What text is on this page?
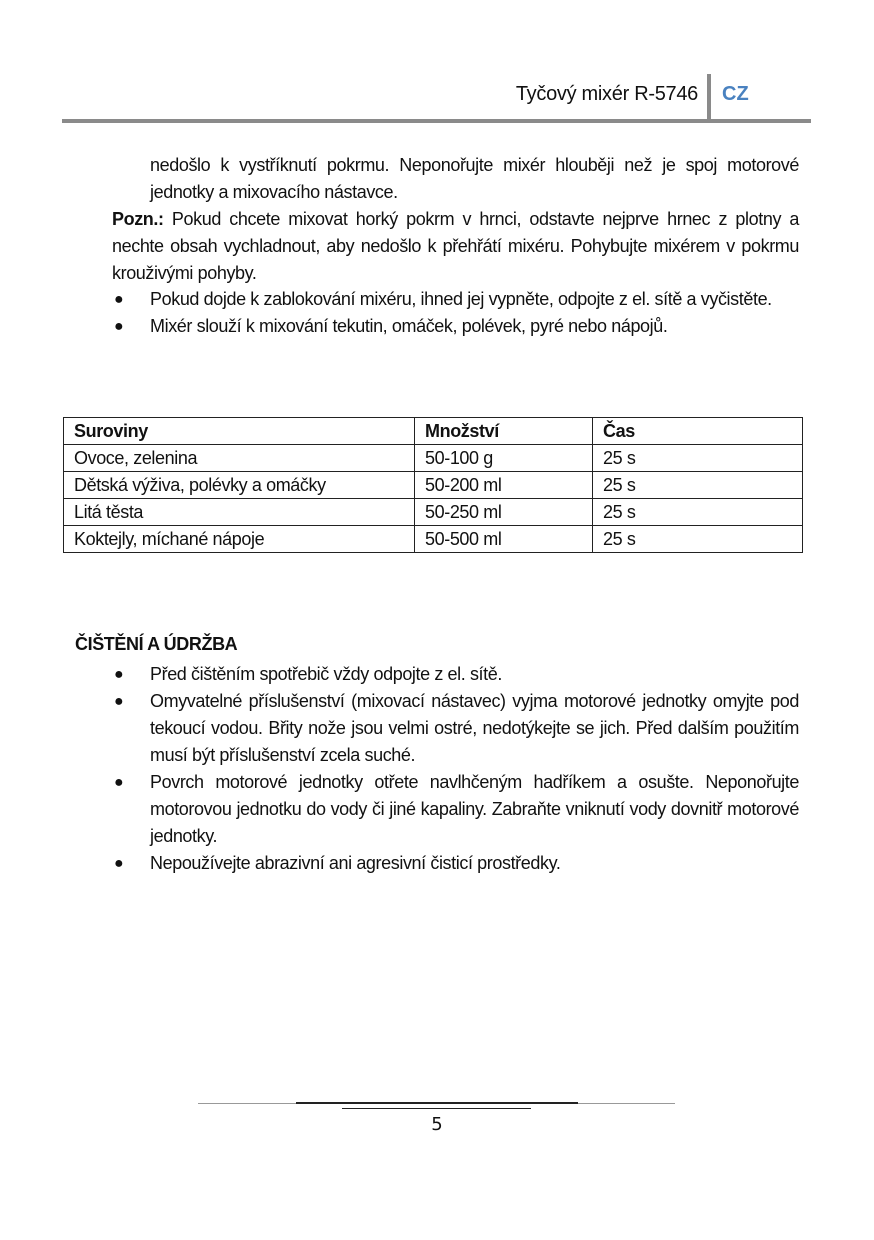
Tyčový mixér R-5746 CZ
nedošlo k vystříknutí pokrmu. Neponořujte mixér hlouběji než je spoj motorové jednotky a mixovacího nástavce.
Pozn.: Pokud chcete mixovat horký pokrm v hrnci, odstavte nejprve hrnec z plotny a nechte obsah vychladnout, aby nedošlo k přehřátí mixéru. Pohybujte mixérem v pokrmu krouživými pohyby.
● Pokud dojde k zablokování mixéru, ihned jej vypněte, odpojte z el. sítě a vyčistěte.
● Mixér slouží k mixování tekutin, omáček, polévek, pyré nebo nápojů.
Suroviny	Množství	Čas
Ovoce, zelenina	50-100 g	25 s
Dětská výživa, polévky a omáčky	50-200 ml	25 s
Litá těsta	50-250 ml	25 s
Koktejly, míchané nápoje	50-500 ml	25 s
ČIŠTĚNÍ A ÚDRŽBA
● Před čištěním spotřebič vždy odpojte z el. sítě.
● Omyvatelné příslušenství (mixovací nástavec) vyjma motorové jednotky omyjte pod tekoucí vodou. Břity nože jsou velmi ostré, nedotýkejte se jich. Před dalším použitím musí být příslušenství zcela suché.
● Povrch motorové jednotky otřete navlhčeným hadříkem a osušte. Neponořujte motorovou jednotku do vody či jiné kapaliny. Zabraňte vniknutí vody dovnitř motorové jednotky.
● Nepoužívejte abrazivní ani agresivní čisticí prostředky.
5
